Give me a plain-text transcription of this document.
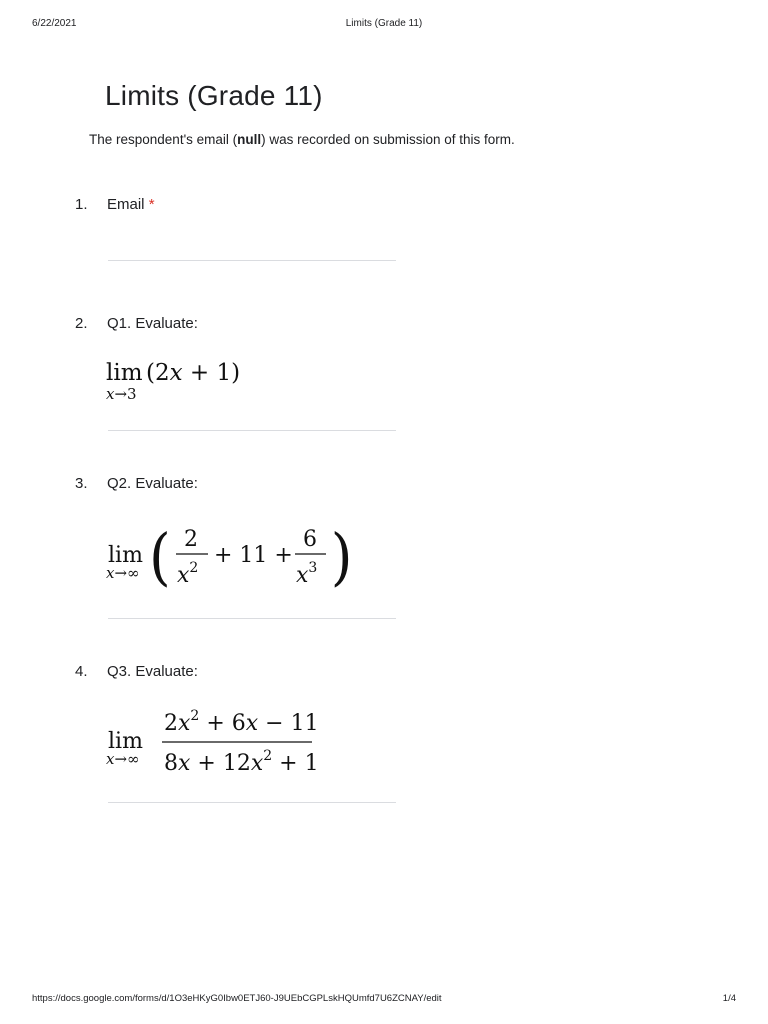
6/22/2021	Limits (Grade 11)
Limits (Grade 11)
The respondent's email (null) was recorded on submission of this form.
1. Email *
2. Q1. Evaluate:
lim
x→3
(2x + 1)
3. Q2. Evaluate:
lim
x→∞ ( 2
$x^2 + 11$ +
6
$x^3$ )
4. Q3. Evaluate:
lim
x→∞
$2x^2 + 6x - 11$
$8x + 12x^2 + 1$
https://docs.google.com/forms/d/1O3eHKyG0Ibw0ETJ60-J9UEbCGPLskHQUmfd7U6ZCNAY/edit	1/4
